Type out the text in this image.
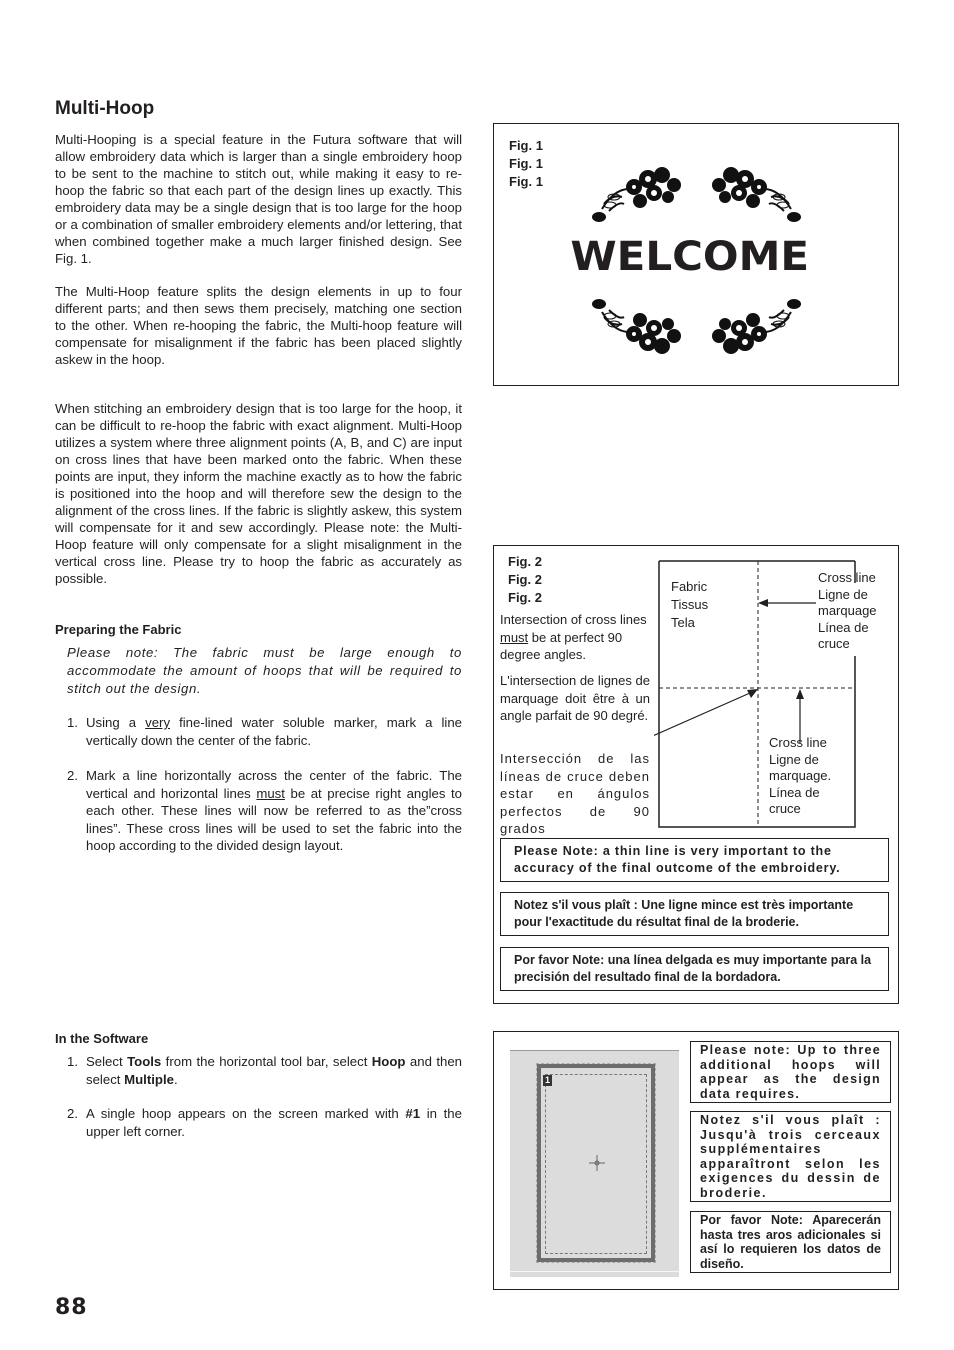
Multi-Hoop

Multi-Hooping is a special feature in the Futura software that will allow embroidery data which is larger than a single embroidery hoop to be sent to the machine to stitch out, while making it easy to re-hoop the fabric so that each part of the design lines up exactly. This embroidery data may be a single design that is too large for the hoop or a combination of smaller embroidery elements and/or lettering, that when combined together make a much larger finished design. See Fig. 1.

The Multi-Hoop feature splits the design elements in up to four different parts; and then sews them precisely, matching one section to the other. When re-hooping the fabric, the Multi-hoop feature will compensate for misalignment if the fabric has been placed slightly askew in the hoop.

When stitching an embroidery design that is too large for the hoop, it can be difficult to re-hoop the fabric with exact alignment. Multi-Hoop utilizes a system where three alignment points (A, B, and C) are input on cross lines that have been marked onto the fabric. When these points are input, they inform the machine exactly as to how the fabric is positioned into the hoop and will therefore sew the design to the alignment of the cross lines. If the fabric is slightly askew, this system will compensate for it and sew accordingly. Please note: the Multi-Hoop feature will only compensate for a slight misalignment in the vertical cross line. Please try to hoop the fabric as accurately as possible.

Preparing the Fabric

Please note: The fabric must be large enough to accommodate the amount of hoops that will be required to stitch out the design.

1. Using a very fine-lined water soluble marker, mark a line vertically down the center of the fabric.
2. Mark a line horizontally across the center of the fabric. The vertical and horizontal lines must be at precise right angles to each other. These lines will now be referred to as the”cross lines”. These cross lines will be used to set the fabric into the hoop according to the divided design layout.
In the Software
1. Select Tools from the horizontal tool bar, select Hoop and then select Multiple.
2. A single hoop appears on the screen marked with #1 in the upper left corner.
Fig. 1
Fig. 1
Fig. 1
WELCOME
Fig. 2
Fig. 2
Fig. 2
Intersection of cross lines must be at perfect 90 degree angles.
L'intersection de lignes de marquage doit être à un angle parfait de 90 degré.
Intersección de las líneas de cruce deben estar en ángulos perfectos de 90 grados
Fabric
Tissus
Tela
Cross line
Ligne de
marquage
Línea de
cruce
Cross line
Ligne de
marquage.
Línea de
cruce
Please Note: a thin line is very important to the accuracy of the final outcome of the embroidery.
Notez s'il vous plaît : Une ligne mince est très importante pour l'exactitude du résultat final de la broderie.
Por favor Note: una línea delgada es muy importante para la precisión del resultado final de la bordadora.
1
Please note: Up to three additional hoops will appear as the design data requires.
Notez s'il vous plaît : Jusqu'à trois cerceaux supplémentaires apparaîtront selon les exigences du dessin de broderie.
Por favor Note: Aparecerán hasta tres aros adicionales si así lo requieren los datos de diseño.
88
